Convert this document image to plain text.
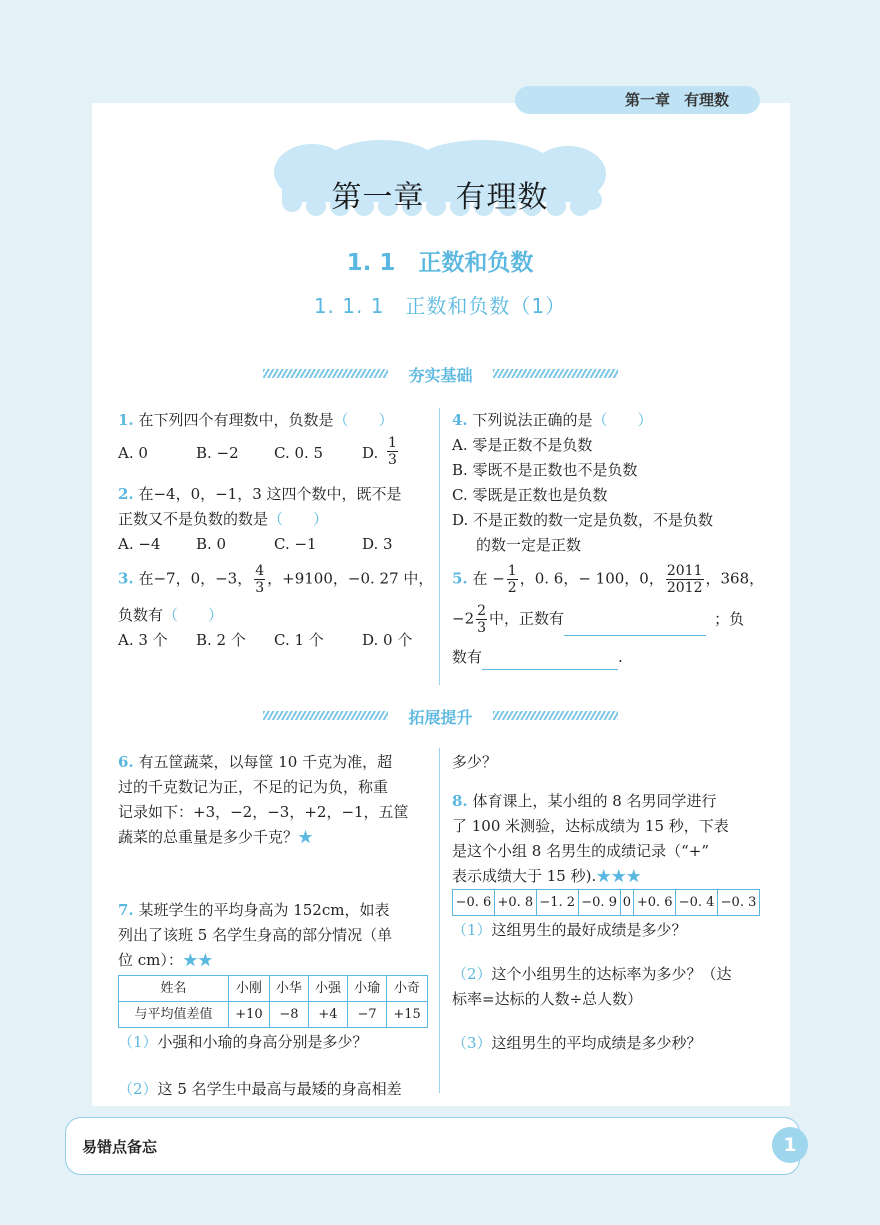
第一章 有理数
第一章　有理数
1. 1　正数和负数
1. 1. 1　正数和负数（1）
夯实基础
1. 在下列四个有理数中，负数是（　　）
A. 0	B. −2 C. 0. 5	D. $\frac{1}{3}$
2. 在−4，0，−1，3 这四个数中，既不是
正数又不是负数的数是（　　）
A. −4 B. 0	C. −1	D. 3
3. 在−7，0，−3， $\frac{4}{3}$ ，+9100，−0. 27 中，
负数有（　　）
A. 3 个 B. 2 个 C. 1 个	D. 0 个
4. 下列说法正确的是（　　）
A. 零是正数不是负数
B. 零既不是正数也不是负数
C. 零既是正数也是负数
D. 不是正数的数一定是负数，不是负数
的数一定是正数
5. 在 − $\frac{1}{2}$ ，0. 6，− 100，0， $\frac{2011}{2012}$ ，368，
$-2 \frac{2}{3}$ 中，正数有	；负
数有	.
拓展提升
6. 有五筐蔬菜，以每筐 10 千克为准，超
过的千克数记为正，不足的记为负，称重
记录如下：+3，−2，−3，+2，−1，五筐
蔬菜的总重量是多少千克？★
7. 某班学生的平均身高为 152cm，如表
列出了该班 5 名学生身高的部分情况（单
位 cm）：★★
姓名	小刚	小华	小强	小瑜	小奇
与平均值差值	+10	−8	+4	−7	+15
（1）小强和小瑜的身高分别是多少？
（2）这 5 名学生中最高与最矮的身高相差
多少？
8. 体育课上，某小组的 8 名男同学进行
了 100 米测验，达标成绩为 15 秒，下表
是这个小组 8 名男生的成绩记录（“+”
表示成绩大于 15 秒).★★★
−0. 6	+0. 8	−1. 2	−0. 9	0	+0. 6	−0. 4	−0. 3
（1）这组男生的最好成绩是多少？
（2）这个小组男生的达标率为多少？（达
标率=达标的人数÷总人数）
（3）这组男生的平均成绩是多少秒？
易错点备忘	1
